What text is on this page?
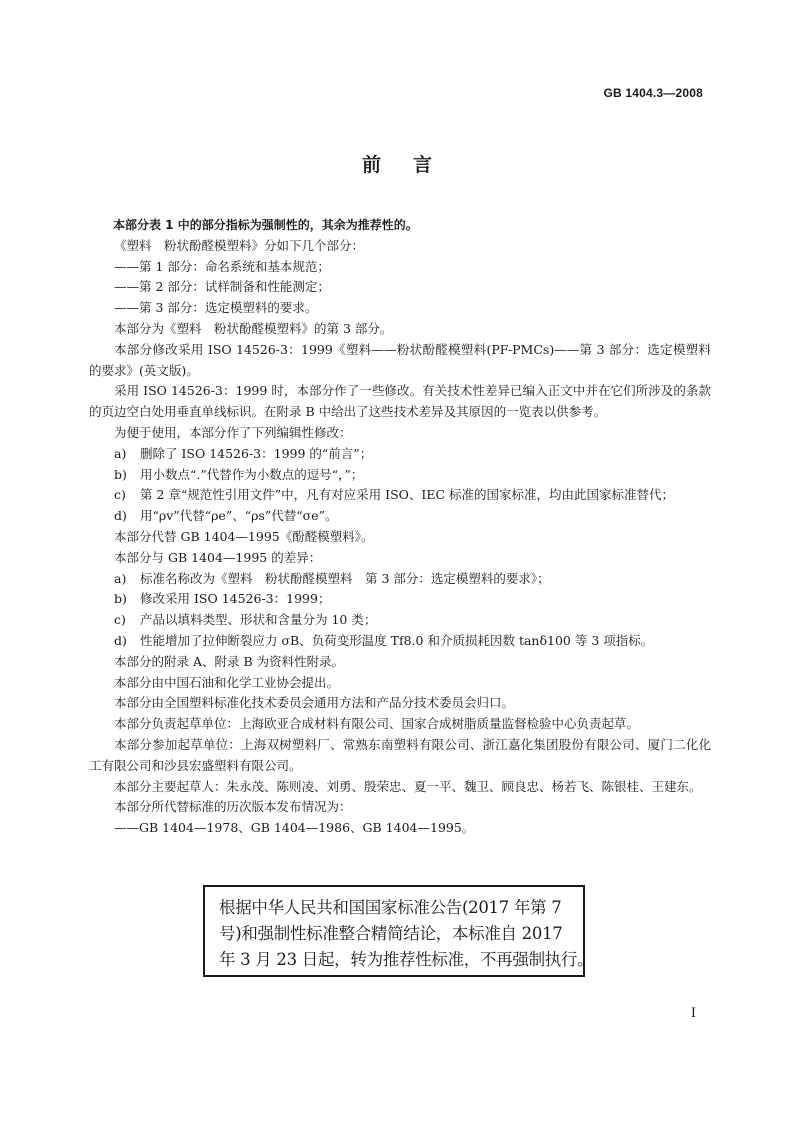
GB 1404.3—2008
前言

本部分表 1 中的部分指标为强制性的，其余为推荐性的。

《塑料　粉状酚醛模塑料》分如下几个部分：

——第 1 部分：命名系统和基本规范；

——第 2 部分：试样制备和性能测定；

——第 3 部分：选定模塑料的要求。

本部分为《塑料　粉状酚醛模塑料》的第 3 部分。

本部分修改采用 ISO 14526-3：1999《塑料——粉状酚醛模塑料(PF-PMCs)——第 3 部分：选定模塑料的要求》(英文版)。

采用 ISO 14526-3：1999 时，本部分作了一些修改。有关技术性差异已编入正文中并在它们所涉及的条款的页边空白处用垂直单线标识。在附录 B 中给出了这些技术差异及其原因的一览表以供参考。

为便于使用，本部分作了下列编辑性修改：

a) 删除了 ISO 14526-3：1999 的“前言”；

b) 用小数点“.”代替作为小数点的逗号“，”；

c) 第 2 章“规范性引用文件”中，凡有对应采用 ISO、IEC 标准的国家标准，均由此国家标准替代；

d) 用“ρv”代替“ρe”、“ρs”代替“σe”。

本部分代替 GB 1404—1995《酚醛模塑料》。

本部分与 GB 1404—1995 的差异：

a) 标准名称改为《塑料　粉状酚醛模塑料　第 3 部分：选定模塑料的要求》；

b) 修改采用 ISO 14526-3：1999；

c) 产品以填料类型、形状和含量分为 10 类；

d) 性能增加了拉伸断裂应力 σB、负荷变形温度 Tf8.0 和介质损耗因数 tanδ100 等 3 项指标。

本部分的附录 A、附录 B 为资料性附录。

本部分由中国石油和化学工业协会提出。

本部分由全国塑料标准化技术委员会通用方法和产品分技术委员会归口。

本部分负责起草单位：上海欧亚合成材料有限公司、国家合成树脂质量监督检验中心负责起草。

本部分参加起草单位：上海双树塑料厂、常熟东南塑料有限公司、浙江嘉化集团股份有限公司、厦门二化化工有限公司和沙县宏盛塑料有限公司。

本部分主要起草人：朱永茂、陈则凌、刘勇、殷荣忠、夏一平、魏卫、顾良忠、杨若飞、陈银桂、王建东。

本部分所代替标准的历次版本发布情况为：

——GB 1404—1978、GB 1404—1986、GB 1404—1995。

根据中华人民共和国国家标准公告(2017 年第 7
号)和强制性标准整合精简结论，本标准自 2017
年 3 月 23 日起，转为推荐性标准，不再强制执行。
I
